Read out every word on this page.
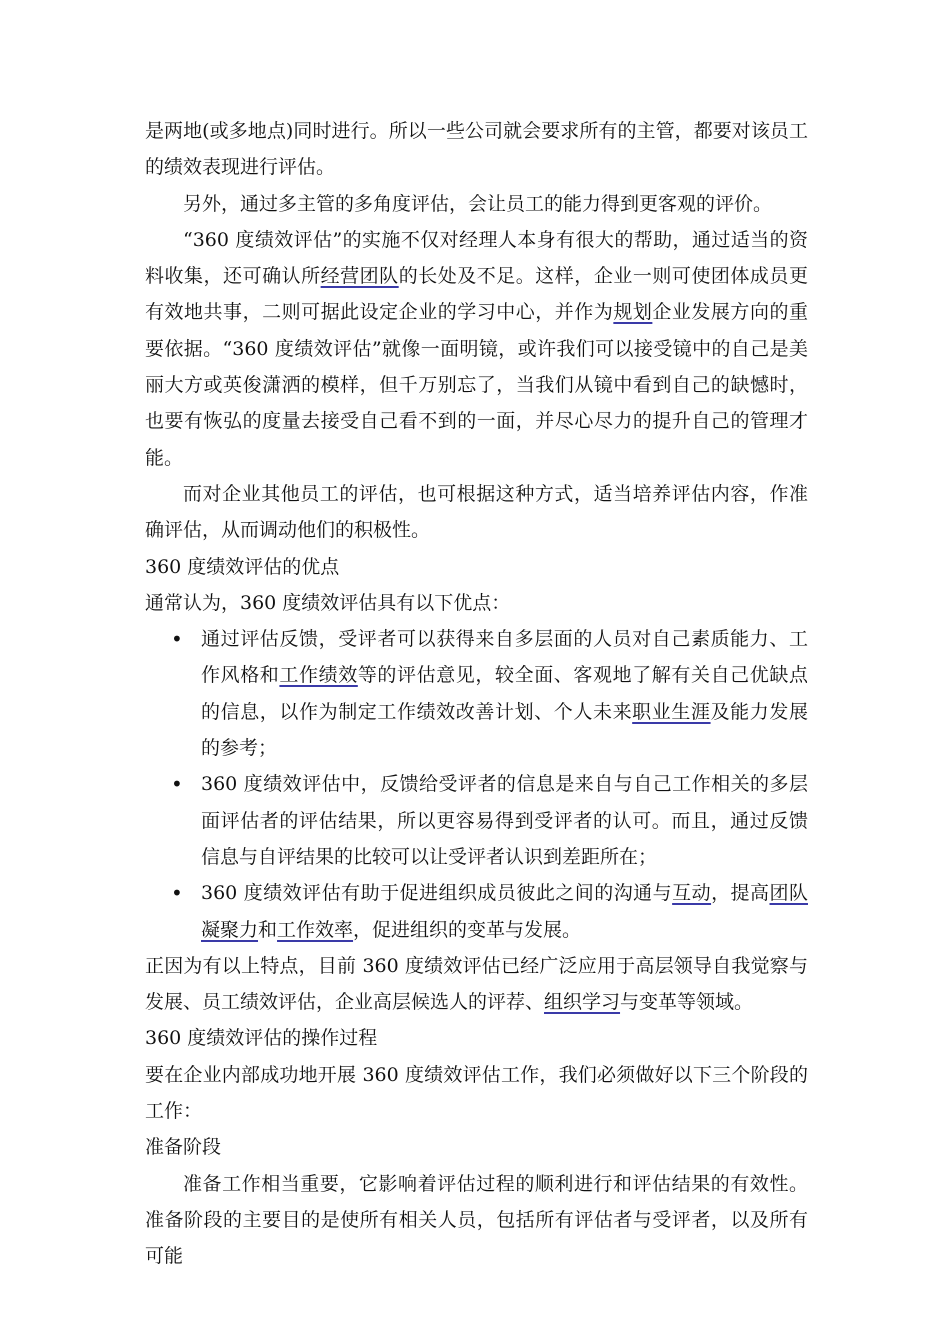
是两地(或多地点)同时进行。所以一些公司就会要求所有的主管，都要对该员工的绩效表现进行评估。

另外，通过多主管的多角度评估，会让员工的能力得到更客观的评价。

“360 度绩效评估”的实施不仅对经理人本身有很大的帮助，通过适当的资料收集，还可确认所经营团队的长处及不足。这样，企业一则可使团体成员更有效地共事，二则可据此设定企业的学习中心，并作为规划企业发展方向的重要依据。“360 度绩效评估”就像一面明镜，或许我们可以接受镜中的自己是美丽大方或英俊潇洒的模样，但千万别忘了，当我们从镜中看到自己的缺憾时，也要有恢弘的度量去接受自己看不到的一面，并尽心尽力的提升自己的管理才能。

而对企业其他员工的评估，也可根据这种方式，适当培养评估内容，作准确评估，从而调动他们的积极性。

360 度绩效评估的优点

通常认为，360 度绩效评估具有以下优点：

• 通过评估反馈，受评者可以获得来自多层面的人员对自己素质能力、工作风格和工作绩效等的评估意见，较全面、客观地了解有关自己优缺点的信息，以作为制定工作绩效改善计划、个人未来职业生涯及能力发展的参考；
• 360 度绩效评估中，反馈给受评者的信息是来自与自己工作相关的多层面评估者的评估结果，所以更容易得到受评者的认可。而且，通过反馈信息与自评结果的比较可以让受评者认识到差距所在；
• 360 度绩效评估有助于促进组织成员彼此之间的沟通与互动，提高团队凝聚力和工作效率，促进组织的变革与发展。

正因为有以上特点，目前 360 度绩效评估已经广泛应用于高层领导自我觉察与发展、员工绩效评估，企业高层候选人的评荐、组织学习与变革等领域。

360 度绩效评估的操作过程

要在企业内部成功地开展 360 度绩效评估工作，我们必须做好以下三个阶段的工作：

准备阶段

准备工作相当重要，它影响着评估过程的顺利进行和评估结果的有效性。准备阶段的主要目的是使所有相关人员，包括所有评估者与受评者，以及所有可能
